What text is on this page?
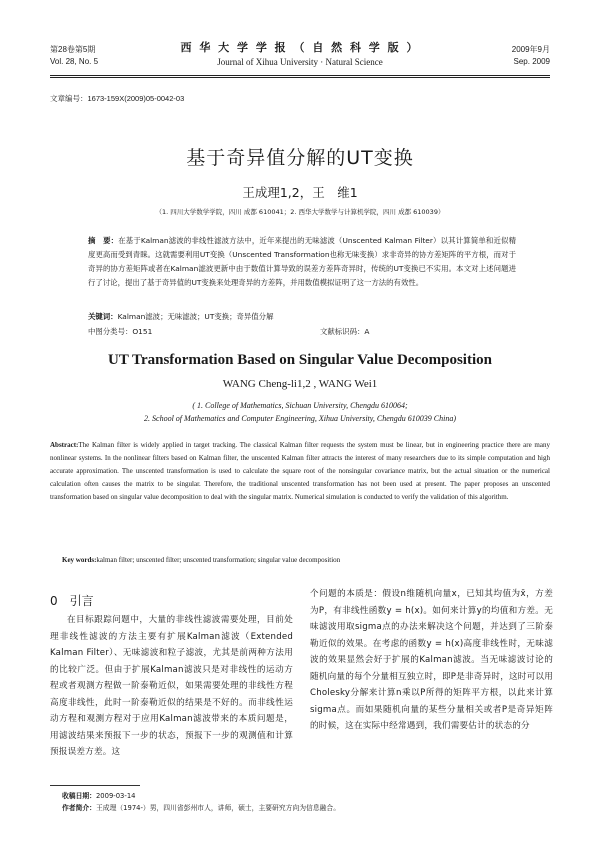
第28卷第5期
Vol. 28, No. 5
西 华 大 学 学 报 （ 自 然 科 学 版 ）
Journal of Xihua University · Natural Science
2009年9月
Sep. 2009
文章编号：1673-159X(2009)05-0042-03
基于奇异值分解的UT变换
王成理1,2，王　维1
（1. 四川大学数学学院，四川 成都 610041；2. 西华大学数学与计算机学院，四川 成都 610039）
摘　要：在基于Kalman滤波的非线性滤波方法中，近年来提出的无味滤波（Unscented Kalman Filter）以其计算简单和近似精度更高而受到青睐。这就需要利用UT变换（Unscented Transformation也称无味变换）求非奇异的协方差矩阵的平方根，而对于奇异的协方差矩阵或者在Kalman滤波更新中由于数值计算导致的误差方差阵奇异时，传统的UT变换已不实用。本文对上述问题进行了讨论，提出了基于奇异值的UT变换来处理奇异的方差阵，并用数值模拟证明了这一方法的有效性。
关键词：Kalman滤波；无味滤波；UT变换；奇异值分解
中图分类号：O151	文献标识码：A
UT Transformation Based on Singular Value Decomposition
WANG Cheng-li1,2 , WANG Wei1
( 1. College of Mathematics, Sichuan University, Chengdu 610064;
2. School of Mathematics and Computer Engineering, Xihua University, Chengdu 610039 China)
Abstract:The Kalman filter is widely applied in target tracking. The classical Kalman filter requests the system must be linear, but in engineering practice there are many nonlinear systems. In the nonlinear filters based on Kalman filter, the unscented Kalman filter attracts the interest of many researchers due to its simple computation and high accurate approximation. The unscented transformation is used to calculate the square root of the nonsingular covariance matrix, but the actual situation or the numerical calculation often causes the matrix to be singular. Therefore, the traditional unscented transformation has not been used at present. The paper proposes an unscented transformation based on singular value decomposition to deal with the singular matrix. Numerical simulation is conducted to verify the validation of this algorithm.
Key words:kalman filter; unscented filter; unscented transformation; singular value decomposition
0 引言
在目标跟踪问题中，大量的非线性滤波需要处理，目前处理非线性滤波的方法主要有扩展Kalman滤波（Extended Kalman Filter）、无味滤波和粒子滤波，尤其是前两种方法用的比较广泛。但由于扩展Kalman滤波只是对非线性的运动方程或者观测方程做一阶泰勒近似，如果需要处理的非线性方程高度非线性，此时一阶泰勒近似的结果是不好的。而非线性运动方程和观测方程对于应用Kalman滤波带来的本质问题是，用滤波结果来预报下一步的状态，预报下一步的观测值和计算预报误差方差。这
个问题的本质是：假设n维随机向量x，已知其均值为x̄，方差为P，有非线性函数y = h(x)。如何来计算y的均值和方差。无味滤波用取sigma点的办法来解决这个问题，并达到了三阶泰勒近似的效果。在考虑的函数y = h(x)高度非线性时，无味滤波的效果显然会好于扩展的Kalman滤波。当无味滤波讨论的随机向量的每个分量相互独立时，即P是非奇异时，这时可以用Cholesky分解来计算n乘以P所得的矩阵平方根，以此来计算sigma点。而如果随机向量的某些分量相关或者P是奇异矩阵的时候，这在实际中经常遇到，我们需要估计的状态的分
收稿日期：2009-03-14
作者简介：王成理（1974-）男，四川省彭州市人，讲师，硕士，主要研究方向为信息融合。
